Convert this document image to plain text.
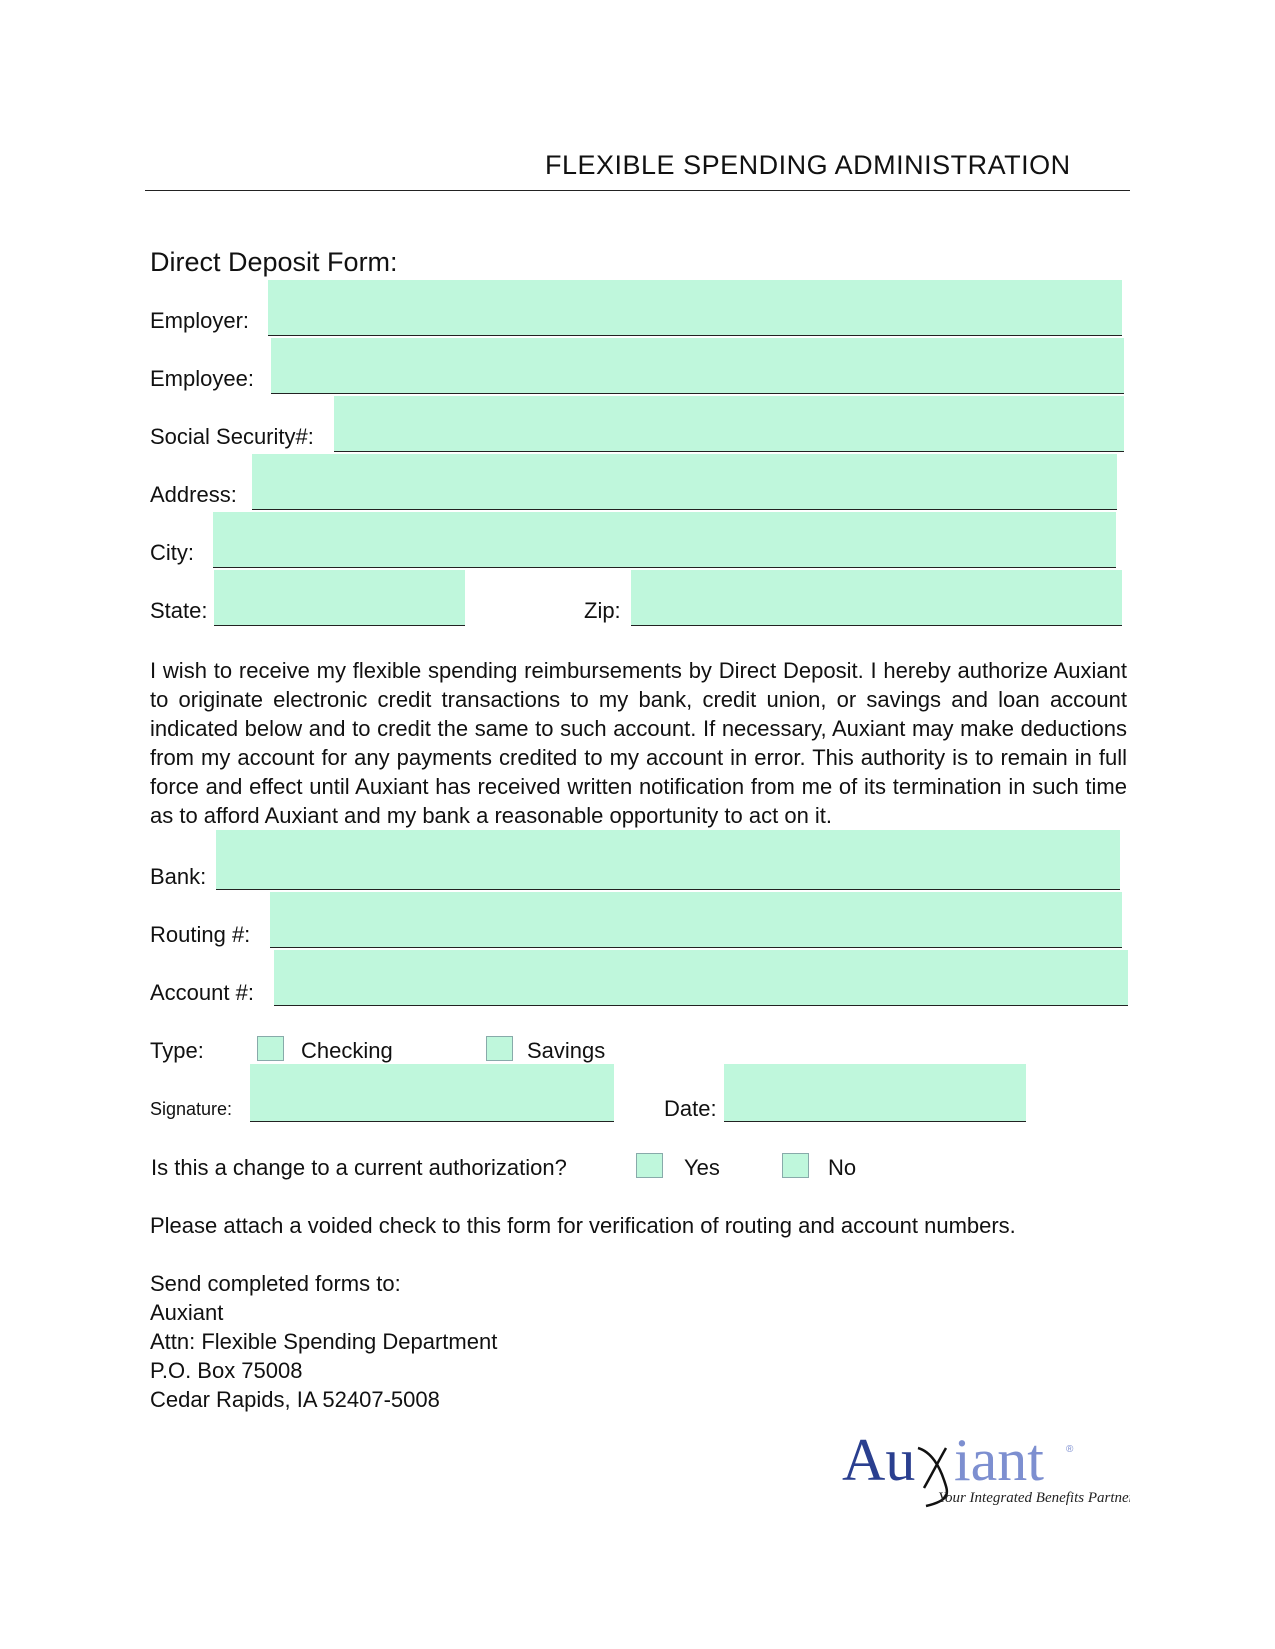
FLEXIBLE SPENDING ADMINISTRATION
Direct Deposit Form:
Employer:
Employee:
Social Security#:
Address:
City:
State:	Zip:
I wish to receive my flexible spending reimbursements by Direct Deposit. I hereby authorize Auxiant to originate electronic credit transactions to my bank, credit union, or savings and loan account indicated below and to credit the same to such account. If necessary, Auxiant may make deductions from my account for any payments credited to my account in error. This authority is to remain in full force and effect until Auxiant has received written notification from me of its termination in such time as to afford Auxiant and my bank a reasonable opportunity to act on it.
Bank:
Routing #:
Account #:
Type:	Checking	Savings
Signature:	Date:
Is this a change to a current authorization?	Yes	No
Please attach a voided check to this form for verification of routing and account numbers.
Send completed forms to:
Auxiant
Attn: Flexible Spending Department
P.O. Box 75008
Cedar Rapids, IA 52407-5008
Au iant ®
Your Integrated Benefits Partner
